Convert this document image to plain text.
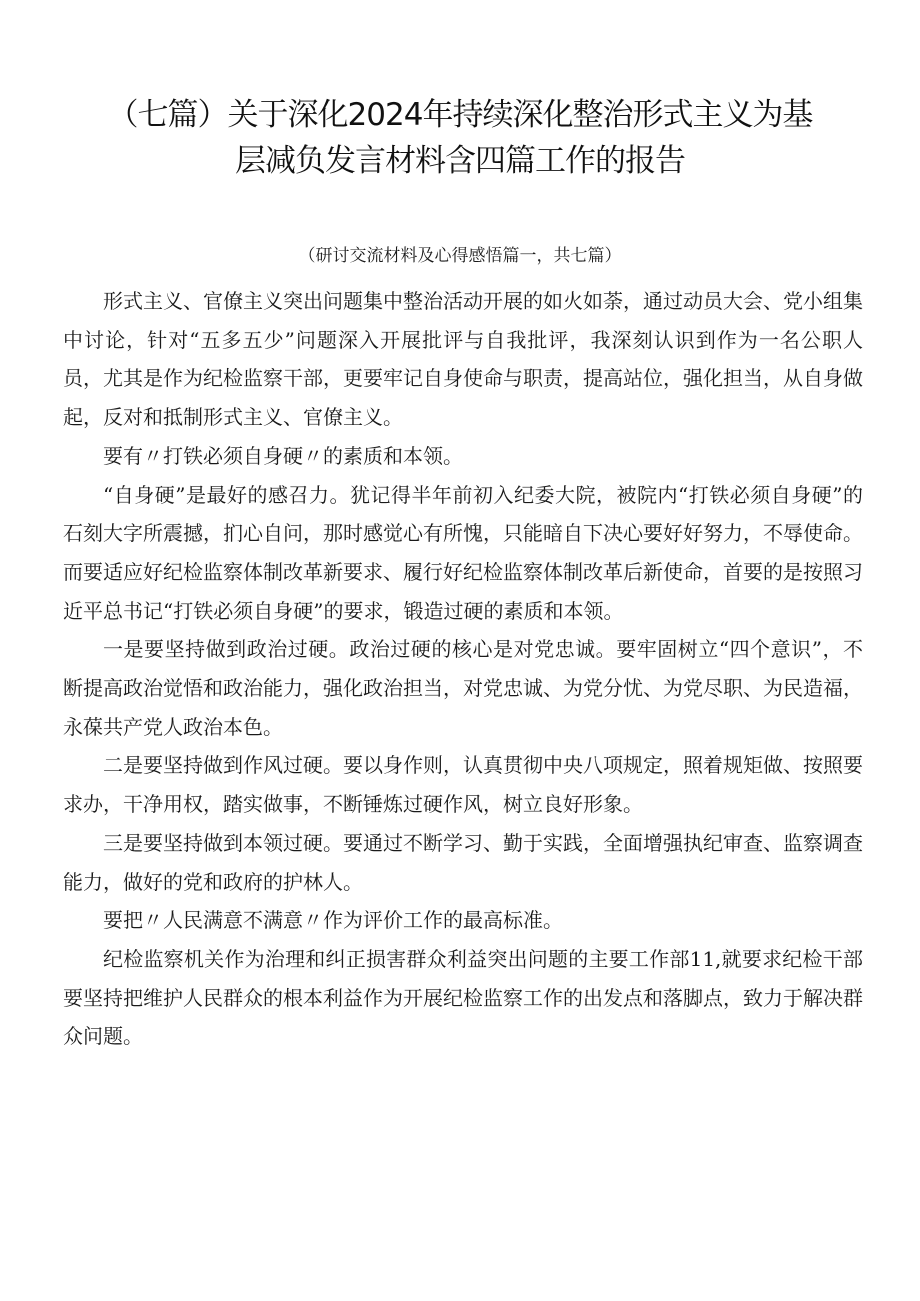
（七篇）关于深化2024年持续深化整治形式主义为基
层减负发言材料含四篇工作的报告

（研讨交流材料及心得感悟篇一，共七篇）

形式主义、官僚主义突出问题集中整治活动开展的如火如荼，通过动员大会、党小组集中讨论，针对“五多五少”问题深入开展批评与自我批评，我深刻认识到作为一名公职人员，尤其是作为纪检监察干部，更要牢记自身使命与职责，提高站位，强化担当，从自身做起，反对和抵制形式主义、官僚主义。

要有〃打铁必须自身硬〃的素质和本领。

“自身硬”是最好的感召力。犹记得半年前初入纪委大院，被院内“打铁必须自身硬”的石刻大字所震撼，扪心自问，那时感觉心有所愧，只能暗自下决心要好好努力，不辱使命。而要适应好纪检监察体制改革新要求、履行好纪检监察体制改革后新使命，首要的是按照习近平总书记“打铁必须自身硬”的要求，锻造过硬的素质和本领。

一是要坚持做到政治过硬。政治过硬的核心是对党忠诚。要牢固树立“四个意识”，不断提高政治觉悟和政治能力，强化政治担当，对党忠诚、为党分忧、为党尽职、为民造福，永葆共产党人政治本色。

二是要坚持做到作风过硬。要以身作则，认真贯彻中央八项规定，照着规矩做、按照要求办，干净用权，踏实做事，不断锤炼过硬作风，树立良好形象。

三是要坚持做到本领过硬。要通过不断学习、勤于实践，全面增强执纪审查、监察调查能力，做好的党和政府的护林人。

要把〃人民满意不满意〃作为评价工作的最高标准。

纪检监察机关作为治理和纠正损害群众利益突出问题的主要工作部11,就要求纪检干部要坚持把维护人民群众的根本利益作为开展纪检监察工作的出发点和落脚点，致力于解决群众问题。
